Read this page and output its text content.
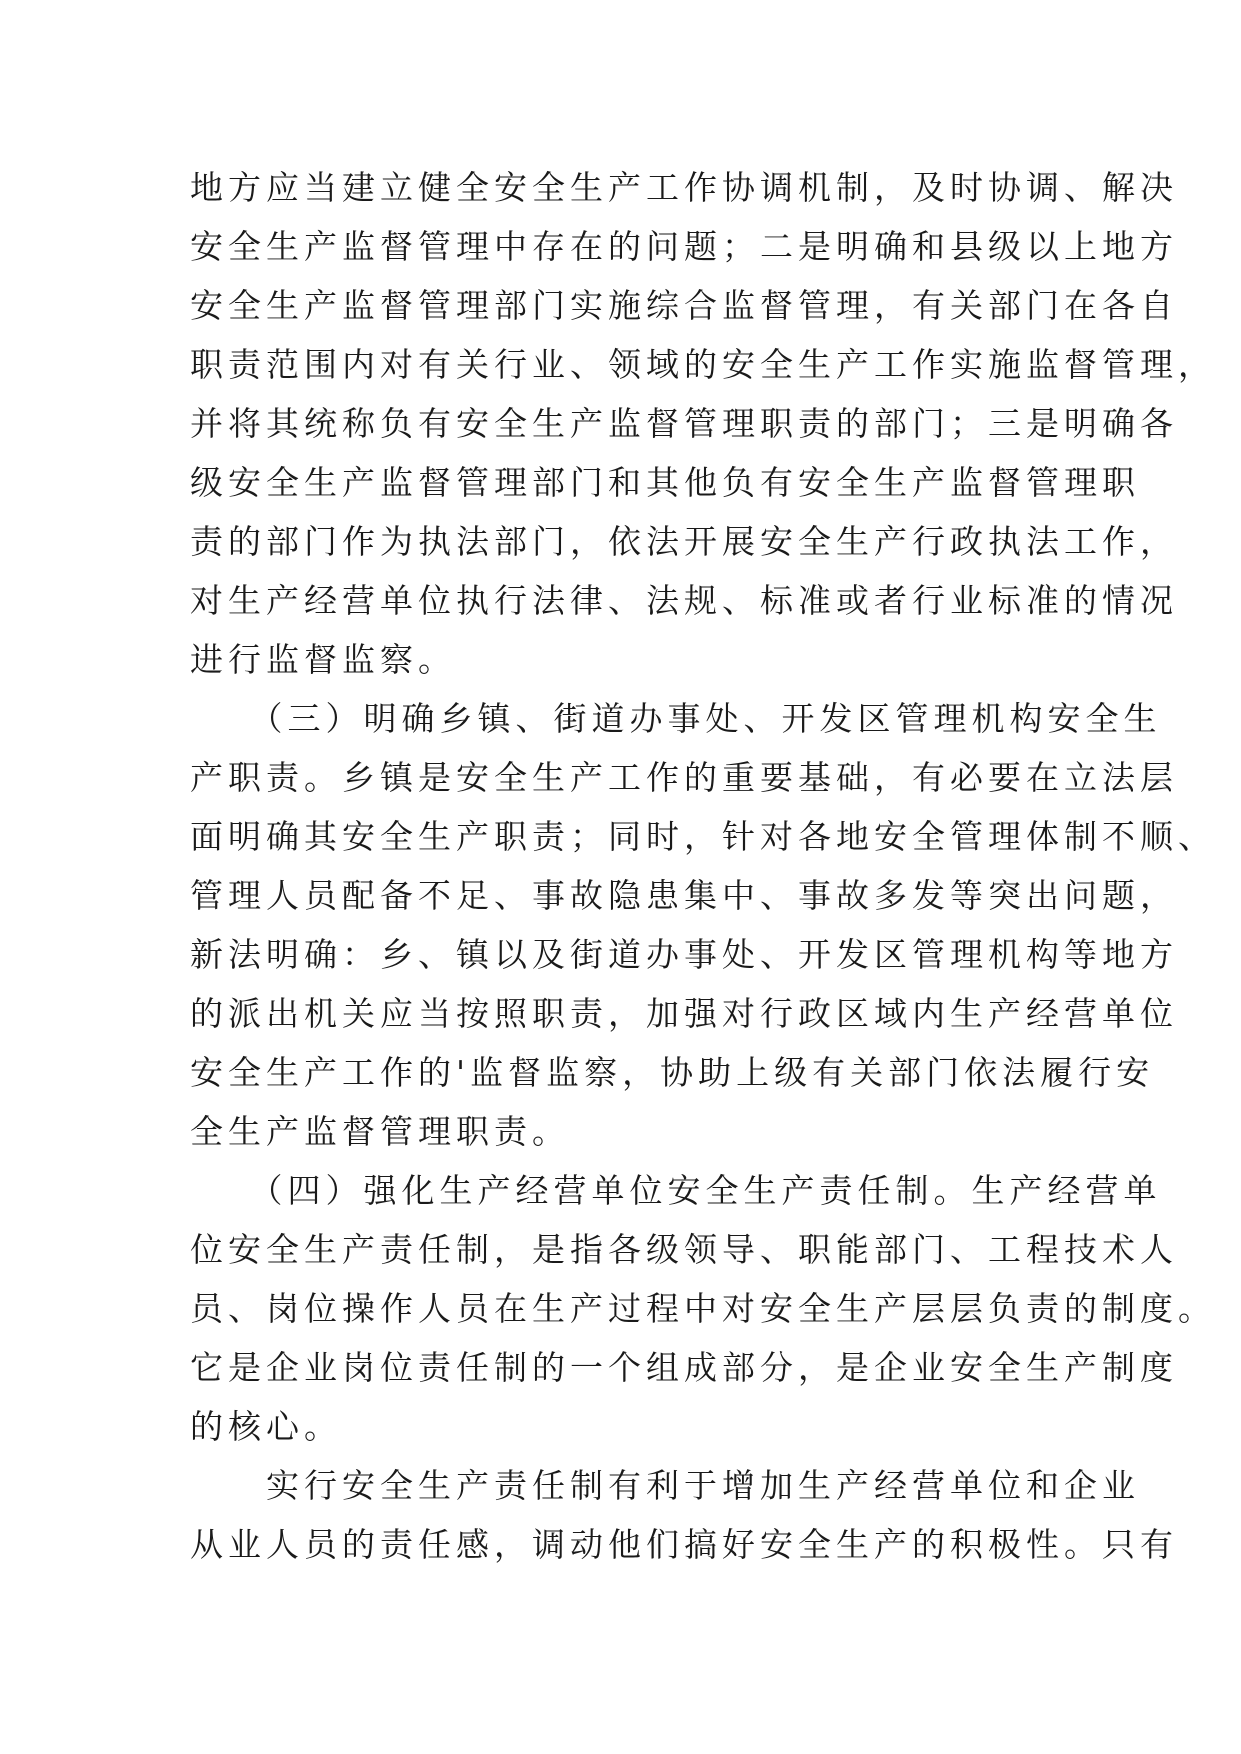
地方应当建立健全安全生产工作协调机制，及时协调、解决
安全生产监督管理中存在的问题；二是明确和县级以上地方
安全生产监督管理部门实施综合监督管理，有关部门在各自
职责范围内对有关行业、领域的安全生产工作实施监督管理，
并将其统称负有安全生产监督管理职责的部门；三是明确各
级安全生产监督管理部门和其他负有安全生产监督管理职
责的部门作为执法部门，依法开展安全生产行政执法工作，
对生产经营单位执行法律、法规、标准或者行业标准的情况
进行监督监察。
　　（三）明确乡镇、街道办事处、开发区管理机构安全生
产职责。乡镇是安全生产工作的重要基础，有必要在立法层
面明确其安全生产职责；同时，针对各地安全管理体制不顺、
管理人员配备不足、事故隐患集中、事故多发等突出问题，
新法明确：乡、镇以及街道办事处、开发区管理机构等地方
的派出机关应当按照职责，加强对行政区域内生产经营单位
安全生产工作的'监督监察，协助上级有关部门依法履行安
全生产监督管理职责。
　　（四）强化生产经营单位安全生产责任制。生产经营单
位安全生产责任制，是指各级领导、职能部门、工程技术人
员、岗位操作人员在生产过程中对安全生产层层负责的制度。
它是企业岗位责任制的一个组成部分，是企业安全生产制度
的核心。
　　实行安全生产责任制有利于增加生产经营单位和企业
从业人员的责任感，调动他们搞好安全生产的积极性。只有
